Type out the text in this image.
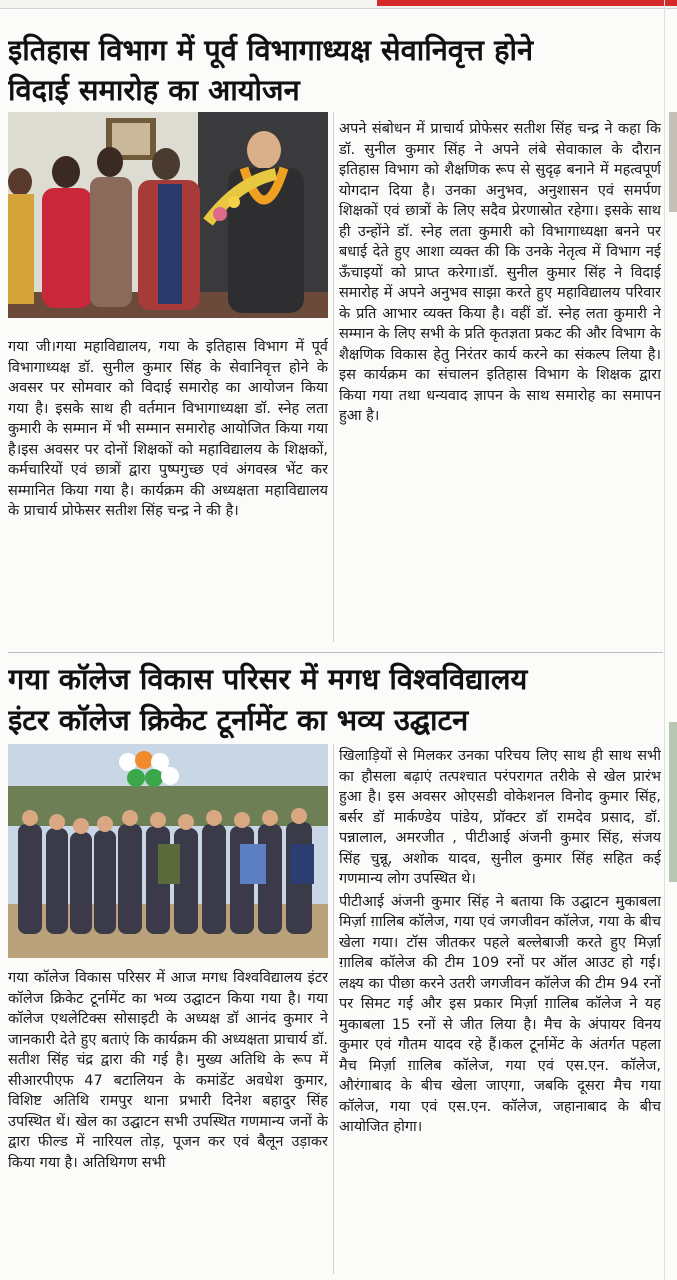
इतिहास विभाग में पूर्व विभागाध्यक्ष सेवानिवृत्त होने
विदाई समारोह का आयोजन

गया जी।गया महाविद्यालय, गया के इतिहास विभाग में पूर्व विभागाध्यक्ष डॉ. सुनील कुमार सिंह के सेवानिवृत्त होने के अवसर पर सोमवार को विदाई समारोह का आयोजन किया गया है। इसके साथ ही वर्तमान विभागाध्यक्षा डॉ. स्नेह लता कुमारी के सम्मान में भी सम्मान समारोह आयोजित किया गया है।इस अवसर पर दोनों शिक्षकों को महाविद्यालय के शिक्षकों, कर्मचारियों एवं छात्रों द्वारा पुष्पगुच्छ एवं अंगवस्त्र भेंट कर सम्मानित किया गया है। कार्यक्रम की अध्यक्षता महाविद्यालय के प्राचार्य प्रोफेसर सतीश सिंह चन्द्र ने की है।

अपने संबोधन में प्राचार्य प्रोफेसर सतीश सिंह चन्द्र ने कहा कि डॉ. सुनील कुमार सिंह ने अपने लंबे सेवाकाल के दौरान इतिहास विभाग को शैक्षणिक रूप से सुदृढ़ बनाने में महत्वपूर्ण योगदान दिया है। उनका अनुभव, अनुशासन एवं समर्पण शिक्षकों एवं छात्रों के लिए सदैव प्रेरणास्रोत रहेगा। इसके साथ ही उन्होंने डॉ. स्नेह लता कुमारी को विभागाध्यक्षा बनने पर बधाई देते हुए आशा व्यक्त की कि उनके नेतृत्व में विभाग नई ऊँचाइयों को प्राप्त करेगा।डॉ. सुनील कुमार सिंह ने विदाई समारोह में अपने अनुभव साझा करते हुए महाविद्यालय परिवार के प्रति आभार व्यक्त किया है। वहीं डॉ. स्नेह लता कुमारी ने सम्मान के लिए सभी के प्रति कृतज्ञता प्रकट की और विभाग के शैक्षणिक विकास हेतु निरंतर कार्य करने का संकल्प लिया है।इस कार्यक्रम का संचालन इतिहास विभाग के शिक्षक द्वारा किया गया तथा धन्यवाद ज्ञापन के साथ समारोह का समापन हुआ है।

गया कॉलेज विकास परिसर में मगध विश्वविद्यालय
इंटर कॉलेज क्रिकेट टूर्नामेंट का भव्य उद्घाटन

गया कॉलेज विकास परिसर में आज मगध विश्वविद्यालय इंटर कॉलेज क्रिकेट टूर्नामेंट का भव्य उद्घाटन किया गया है। गया कॉलेज एथलेटिक्स सोसाइटी के अध्यक्ष डॉ आनंद कुमार ने जानकारी देते हुए बताएं कि कार्यक्रम की अध्यक्षता प्राचार्य डॉ. सतीश सिंह चंद्र द्वारा की गई है। मुख्य अतिथि के रूप में सीआरपीएफ 47 बटालियन के कमांडेंट अवधेश कुमार, विशिष्ट अतिथि रामपुर थाना प्रभारी दिनेश बहादुर सिंह उपस्थित थें। खेल का उद्घाटन सभी उपस्थित गणमान्य जनों के द्वारा फील्ड में नारियल तोड़, पूजन कर एवं बैलून उड़ाकर किया गया है। अतिथिगण सभी

खिलाड़ियों से मिलकर उनका परिचय लिए साथ ही साथ सभी का हौसला बढ़ाएं तत्पश्चात परंपरागत तरीके से खेल प्रारंभ हुआ है। इस अवसर ओएसडी वोकेशनल विनोद कुमार सिंह, बर्सर डॉ मार्कण्डेय पांडेय, प्रॉक्टर डॉ रामदेव प्रसाद, डॉ. पन्नालाल, अमरजीत , पीटीआई अंजनी कुमार सिंह, संजय सिंह चुन्नू, अशोक यादव, सुनील कुमार सिंह सहित कई गणमान्य लोग उपस्थित थे।

पीटीआई अंजनी कुमार सिंह ने बताया कि उद्घाटन मुकाबला मिर्ज़ा ग़ालिब कॉलेज, गया एवं जगजीवन कॉलेज, गया के बीच खेला गया। टॉस जीतकर पहले बल्लेबाजी करते हुए मिर्ज़ा ग़ालिब कॉलेज की टीम 109 रनों पर ऑल आउट हो गई। लक्ष्य का पीछा करने उतरी जगजीवन कॉलेज की टीम 94 रनों पर सिमट गई और इस प्रकार मिर्ज़ा ग़ालिब कॉलेज ने यह मुकाबला 15 रनों से जीत लिया है। मैच के अंपायर विनय कुमार एवं गौतम यादव रहे हैं।कल टूर्नामेंट के अंतर्गत पहला मैच मिर्ज़ा ग़ालिब कॉलेज, गया एवं एस.एन. कॉलेज, औरंगाबाद के बीच खेला जाएगा, जबकि दूसरा मैच गया कॉलेज, गया एवं एस.एन. कॉलेज, जहानाबाद के बीच आयोजित होगा।
